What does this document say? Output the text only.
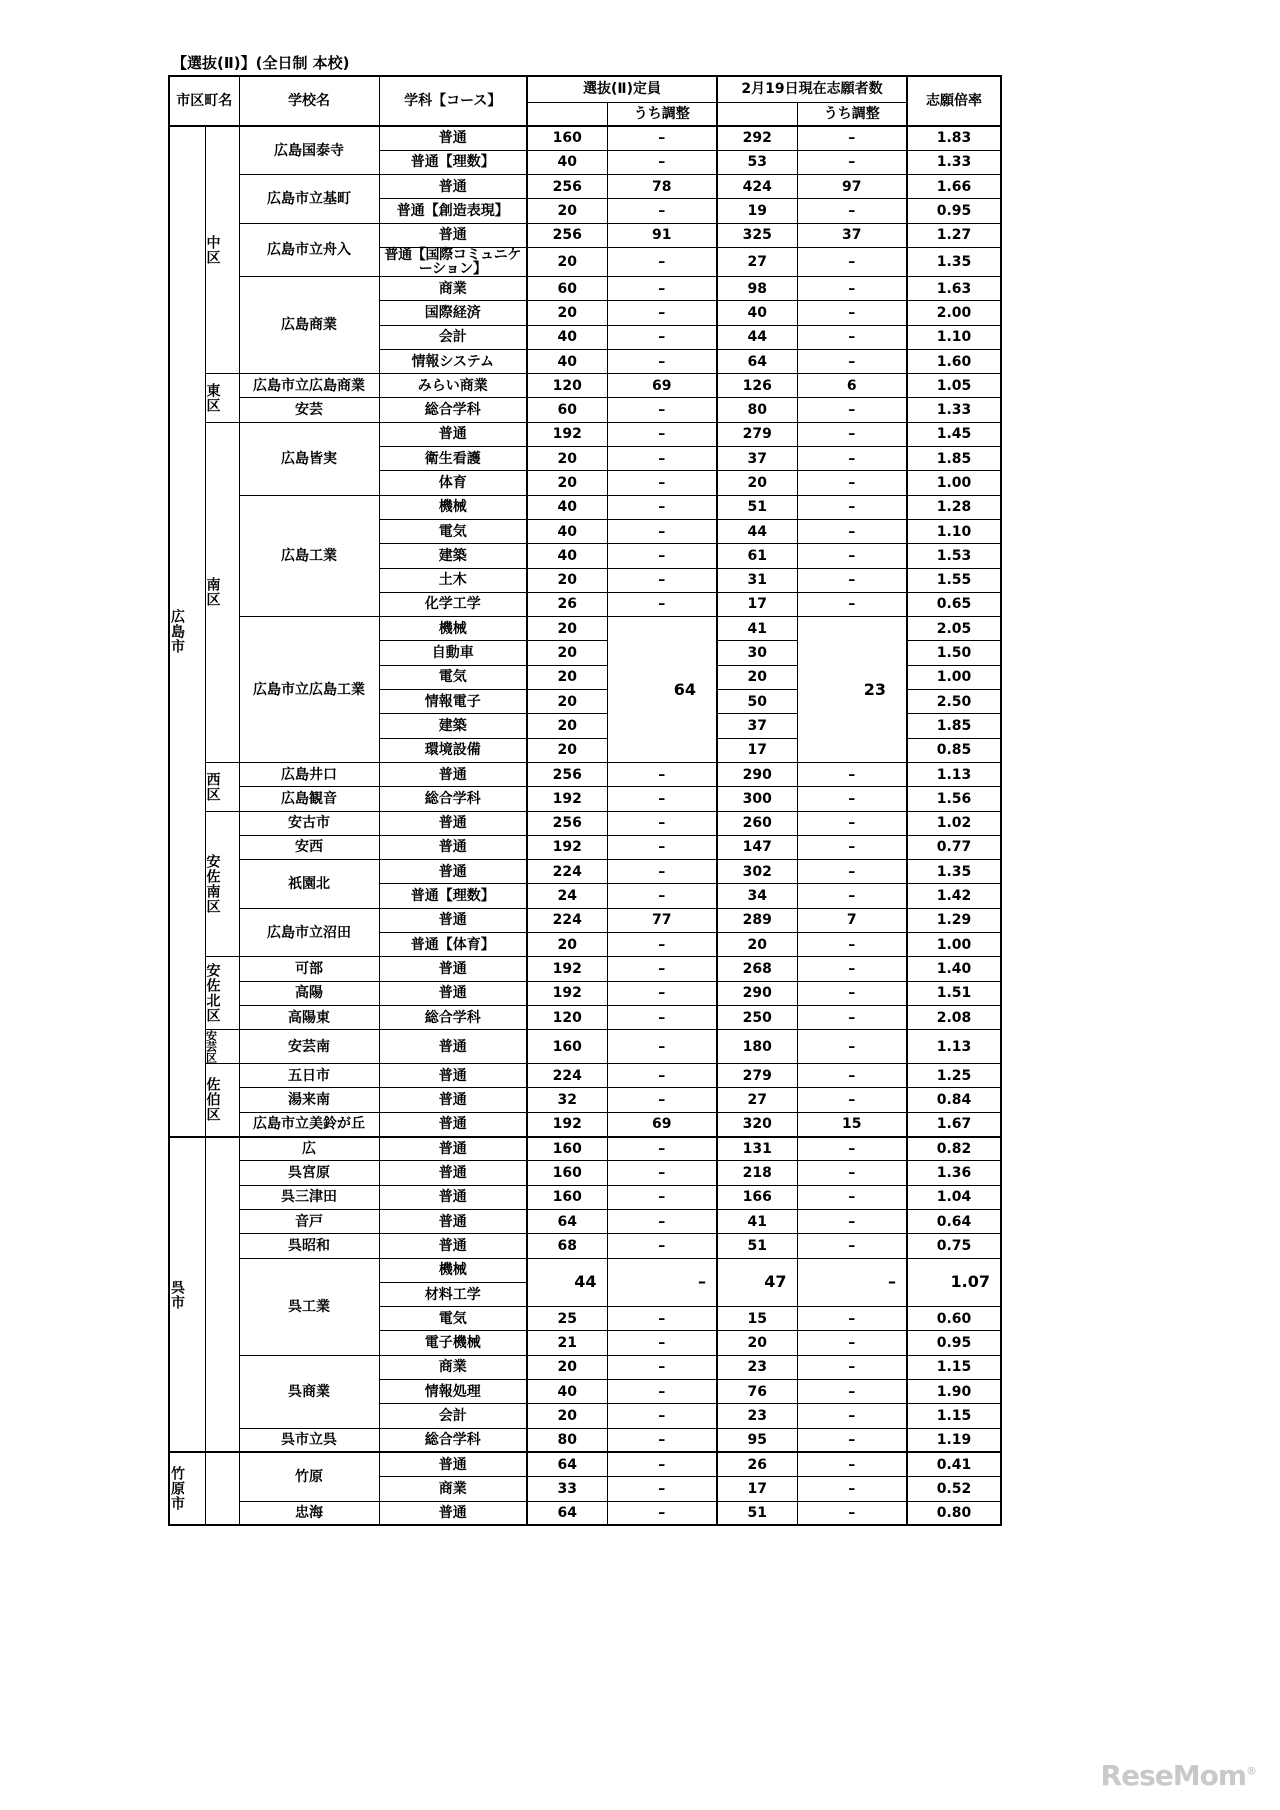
【選抜(Ⅱ)】(全日制 本校)
市区町名		学校名	学科【コース】	選抜(Ⅱ)定員		2月19日現在志願者数		志願倍率
					うち調整		うち調整	

広島市	中区	広島国泰寺	普通	160	–	292	–	1.83
			普通【理数】	40	–	53	–	1.33
		広島市立基町	普通	256	78	424	97	1.66
			普通【創造表現】	20	–	19	–	0.95
		広島市立舟入	普通	256	91	325	37	1.27
			普通【国際コミュニケーション】	20	–	27	–	1.35
		広島商業	商業	60	–	98	–	1.63
			国際経済	20	–	40	–	2.00
			会計	40	–	44	–	1.10
			情報システム	40	–	64	–	1.60

	東区	広島市立広島商業	みらい商業	120	69	126	6	1.05
		安芸	総合学科	60	–	80	–	1.33

	南区	広島皆実	普通	192	–	279	–	1.45
			衛生看護	20	–	37	–	1.85
			体育	20	–	20	–	1.00
		広島工業	機械	40	–	51	–	1.28
			電気	40	–	44	–	1.10
			建築	40	–	61	–	1.53
			土木	20	–	31	–	1.55
			化学工学	26	–	17	–	0.65
		広島市立広島工業	機械	20	64	41	23	2.05
			自動車	20		30		1.50
			電気	20		20		1.00
			情報電子	20		50		2.50
			建築	20		37		1.85
			環境設備	20		17		0.85

	西区	広島井口	普通	256	–	290	–	1.13
		広島観音	総合学科	192	–	300	–	1.56

	安佐南区	安古市	普通	256	–	260	–	1.02
		安西	普通	192	–	147	–	0.77
		祇園北	普通	224	–	302	–	1.35
			普通【理数】	24	–	34	–	1.42
		広島市立沼田	普通	224	77	289	7	1.29
			普通【体育】	20	–	20	–	1.00

	安佐北区	可部	普通	192	–	268	–	1.40
		高陽	普通	192	–	290	–	1.51
		高陽東	総合学科	120	–	250	–	2.08

	安芸区	安芸南	普通	160	–	180	–	1.13

	佐伯区	五日市	普通	224	–	279	–	1.25
		湯来南	普通	32	–	27	–	0.84
		広島市立美鈴が丘	普通	192	69	320	15	1.67

呉市		広	普通	160	–	131	–	0.82
		呉宮原	普通	160	–	218	–	1.36
		呉三津田	普通	160	–	166	–	1.04
		音戸	普通	64	–	41	–	0.64
		呉昭和	普通	68	–	51	–	0.75
		呉工業	機械	44	–	47	–	1.07

			材料工学					
			電気	25	–	15	–	0.60
			電子機械	21	–	20	–	0.95
		呉商業	商業	20	–	23	–	1.15
			情報処理	40	–	76	–	1.90
			会計	20	–	23	–	1.15
		呉市立呉	総合学科	80	–	95	–	1.19

竹原市		竹原	普通	64	–	26	–	0.41
			商業	33	–	17	–	0.52
		忠海	普通	64	–	51	–	0.80
ReseMom®
